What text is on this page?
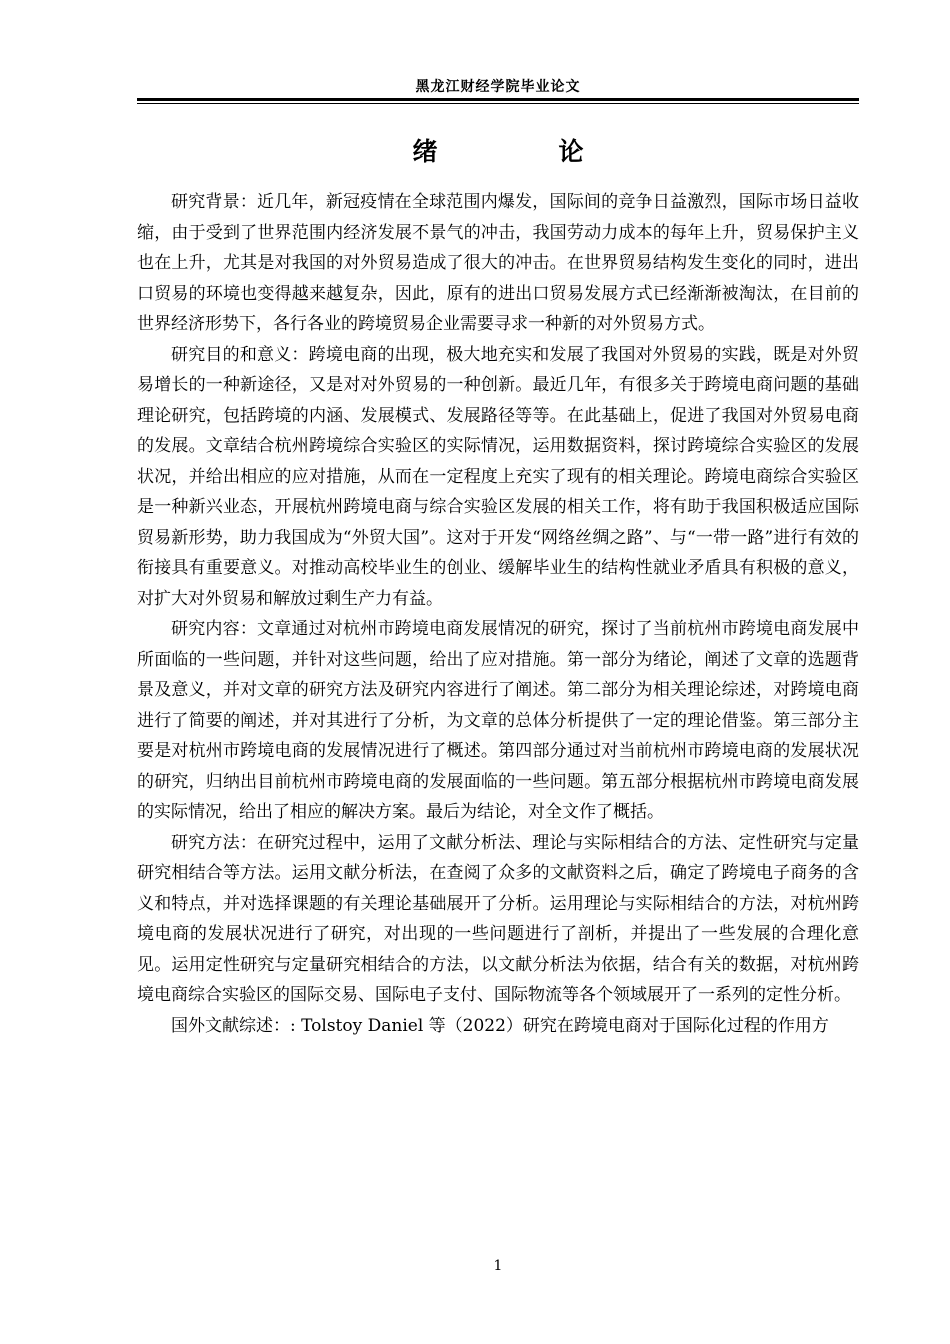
黑龙江财经学院毕业论文
绪　论

研究背景：近几年，新冠疫情在全球范围内爆发，国际间的竞争日益激烈，国际市场日益收缩，由于受到了世界范围内经济发展不景气的冲击，我国劳动力成本的每年上升，贸易保护主义也在上升，尤其是对我国的对外贸易造成了很大的冲击。在世界贸易结构发生变化的同时，进出口贸易的环境也变得越来越复杂，因此，原有的进出口贸易发展方式已经渐渐被淘汰，在目前的世界经济形势下，各行各业的跨境贸易企业需要寻求一种新的对外贸易方式。

研究目的和意义：跨境电商的出现，极大地充实和发展了我国对外贸易的实践，既是对外贸易增长的一种新途径，又是对对外贸易的一种创新。最近几年，有很多关于跨境电商问题的基础理论研究，包括跨境的内涵、发展模式、发展路径等等。在此基础上，促进了我国对外贸易电商的发展。文章结合杭州跨境综合实验区的实际情况，运用数据资料，探讨跨境综合实验区的发展状况，并给出相应的应对措施，从而在一定程度上充实了现有的相关理论。跨境电商综合实验区是一种新兴业态，开展杭州跨境电商与综合实验区发展的相关工作，将有助于我国积极适应国际贸易新形势，助力我国成为“外贸大国”。这对于开发“网络丝绸之路”、与“一带一路”进行有效的衔接具有重要意义。对推动高校毕业生的创业、缓解毕业生的结构性就业矛盾具有积极的意义，对扩大对外贸易和解放过剩生产力有益。

研究内容：文章通过对杭州市跨境电商发展情况的研究，探讨了当前杭州市跨境电商发展中所面临的一些问题，并针对这些问题，给出了应对措施。第一部分为绪论，阐述了文章的选题背景及意义，并对文章的研究方法及研究内容进行了阐述。第二部分为相关理论综述，对跨境电商进行了简要的阐述，并对其进行了分析，为文章的总体分析提供了一定的理论借鉴。第三部分主要是对杭州市跨境电商的发展情况进行了概述。第四部分通过对当前杭州市跨境电商的发展状况的研究，归纳出目前杭州市跨境电商的发展面临的一些问题。第五部分根据杭州市跨境电商发展的实际情况，给出了相应的解决方案。最后为结论，对全文作了概括。

研究方法：在研究过程中，运用了文献分析法、理论与实际相结合的方法、定性研究与定量研究相结合等方法。运用文献分析法，在查阅了众多的文献资料之后，确定了跨境电子商务的含义和特点，并对选择课题的有关理论基础展开了分析。运用理论与实际相结合的方法，对杭州跨境电商的发展状况进行了研究，对出现的一些问题进行了剖析，并提出了一些发展的合理化意见。运用定性研究与定量研究相结合的方法，以文献分析法为依据，结合有关的数据，对杭州跨境电商综合实验区的国际交易、国际电子支付、国际物流等各个领域展开了一系列的定性分析。

国外文献综述：: Tolstoy Daniel 等（2022）研究在跨境电商对于国际化过程的作用方

1
